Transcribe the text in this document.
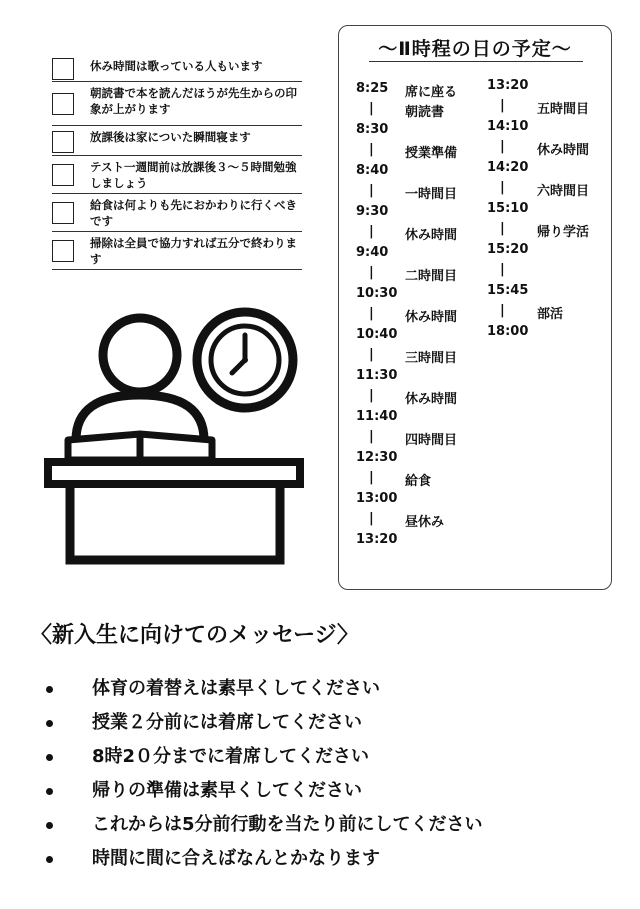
休み時間は歌っている人もいます
朝読書で本を読んだほうが先生からの印象が上がります
放課後は家についた瞬間寝ます
テスト一週間前は放課後３～５時間勉強しましょう
給食は何よりも先におかわりに行くべきです
掃除は全員で協力すれば五分で終わります
～Ⅱ時程の日の予定～
8:25
|
8:30
|
8:40
|
9:30
|
9:40
|
10:30
|
10:40
|
11:30
|
11:40
|
12:30
|
13:00
|
13:20
席に座る
朝読書
授業準備
一時間目
休み時間
二時間目
休み時間
三時間目
休み時間
四時間目
給食
昼休み
13:20
|
14:10
|
14:20
|
15:10
|
15:20
|
15:45
|
18:00
五時間目
休み時間
六時間目
帰り学活
部活
〈新入生に向けてのメッセージ〉
体育の着替えは素早くしてください
授業２分前には着席してください
8時2０分までに着席してください
帰りの準備は素早くしてください
これからは5分前行動を当たり前にしてください
時間に間に合えばなんとかなります
